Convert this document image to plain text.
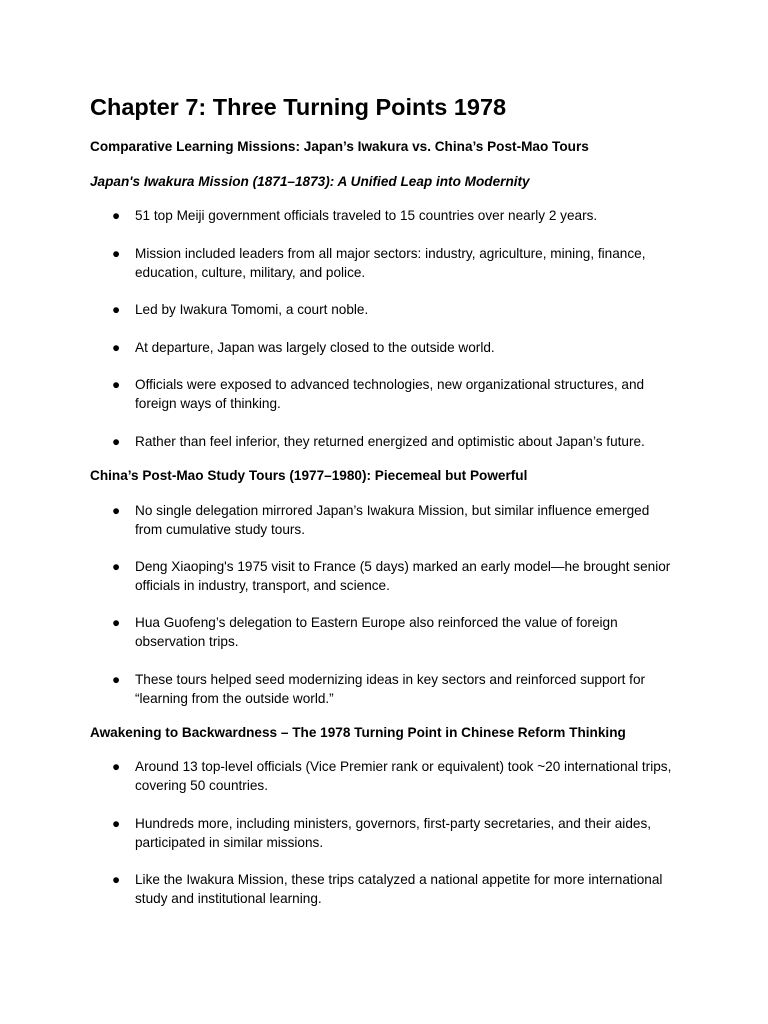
Chapter 7: Three Turning Points 1978
Comparative Learning Missions: Japan’s Iwakura vs. China’s Post-Mao Tours
Japan's Iwakura Mission (1871–1873): A Unified Leap into Modernity
● 51 top Meiji government officials traveled to 15 countries over nearly 2 years.

● Mission included leaders from all major sectors: industry, agriculture, mining, finance, education, culture, military, and police.

● Led by Iwakura Tomomi, a court noble.

● At departure, Japan was largely closed to the outside world.

● Officials were exposed to advanced technologies, new organizational structures, and foreign ways of thinking.

● Rather than feel inferior, they returned energized and optimistic about Japan’s future.

China’s Post-Mao Study Tours (1977–1980): Piecemeal but Powerful
● No single delegation mirrored Japan’s Iwakura Mission, but similar influence emerged from cumulative study tours.

● Deng Xiaoping's 1975 visit to France (5 days) marked an early model—he brought senior officials in industry, transport, and science.

● Hua Guofeng’s delegation to Eastern Europe also reinforced the value of foreign observation trips.

● These tours helped seed modernizing ideas in key sectors and reinforced support for “learning from the outside world.”

Awakening to Backwardness – The 1978 Turning Point in Chinese Reform Thinking
● Around 13 top-level officials (Vice Premier rank or equivalent) took ~20 international trips, covering 50 countries.

● Hundreds more, including ministers, governors, first-party secretaries, and their aides, participated in similar missions.

● Like the Iwakura Mission, these trips catalyzed a national appetite for more international study and institutional learning.
